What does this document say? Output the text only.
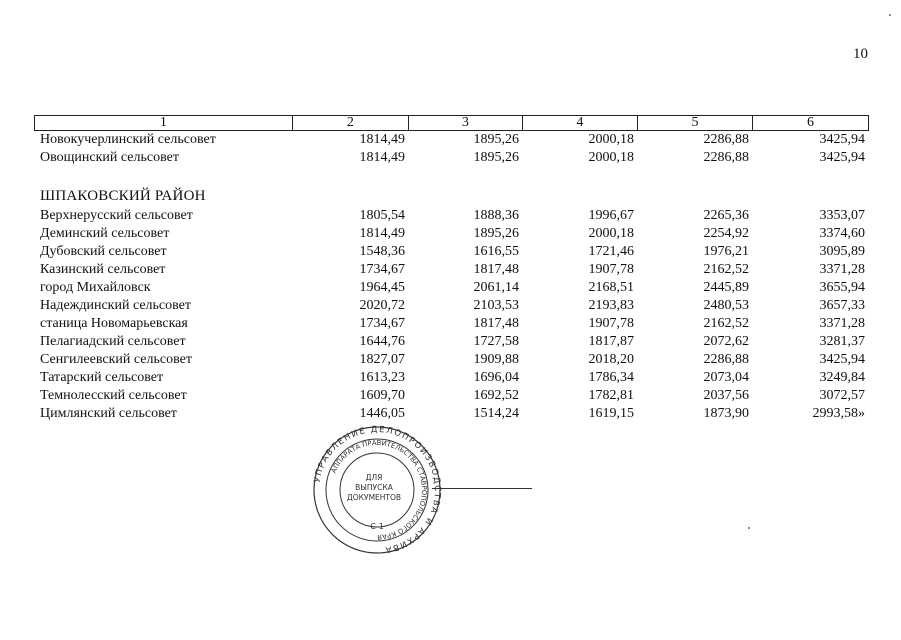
10
1	2	3	4	5	6
Новокучерлинский сельсовет	1814,49	1895,26	2000,18	2286,88	3425,94
Овощинский сельсовет	1814,49	1895,26	2000,18	2286,88	3425,94
ШПАКОВСКИЙ РАЙОН
Верхнерусский сельсовет	1805,54	1888,36	1996,67	2265,36	3353,07
Деминский сельсовет	1814,49	1895,26	2000,18	2254,92	3374,60
Дубовский сельсовет	1548,36	1616,55	1721,46	1976,21	3095,89
Казинский сельсовет	1734,67	1817,48	1907,78	2162,52	3371,28
город Михайловск	1964,45	2061,14	2168,51	2445,89	3655,94
Надеждинский сельсовет	2020,72	2103,53	2193,83	2480,53	3657,33
станица Новомарьевская	1734,67	1817,48	1907,78	2162,52	3371,28
Пелагиадский сельсовет	1644,76	1727,58	1817,87	2072,62	3281,37
Сенгилеевский сельсовет	1827,07	1909,88	2018,20	2286,88	3425,94
Татарский сельсовет	1613,23	1696,04	1786,34	2073,04	3249,84
Темнолесский сельсовет	1609,70	1692,52	1782,81	2037,56	3072,57
Цимлянский сельсовет	1446,05	1514,24	1619,15	1873,90	2993,58»
УПРАВЛЕНИЕ ДЕЛОПРОИЗВОД ТВА И АРХИВА
АППАРАТА ПРАВИТЕЛЬСТВА СТАВРОПОЛЬСКОГО КРАЯ
ДЛЯ
ВЫПУСКА
ДОКУМЕНТОВ
С-1
